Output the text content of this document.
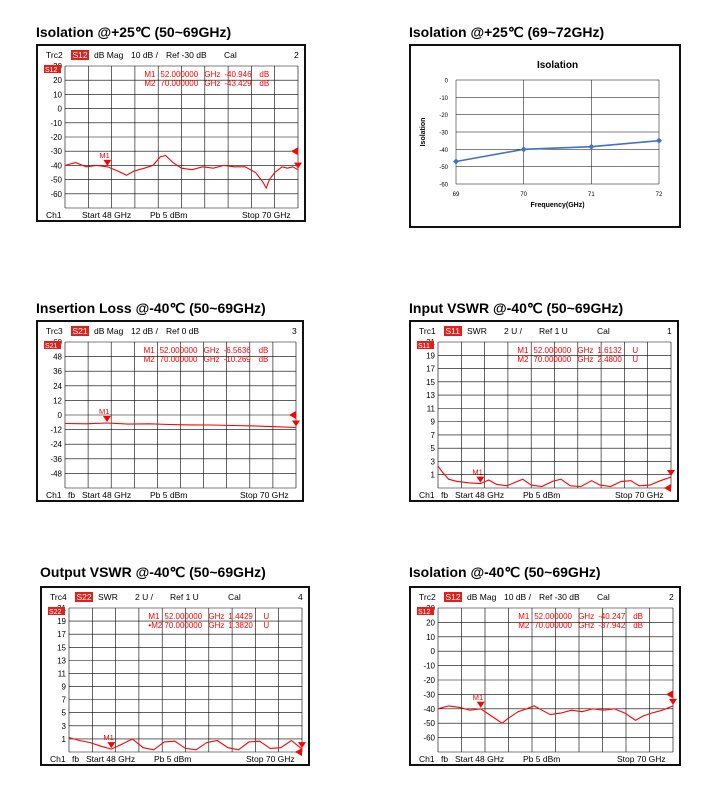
Isolation @+25℃ (50~69GHz)
Trc2 S12 dB Mag 10 dB / Ref -30 dB Cal	2
20
10
0
-10
-20
-30
-40
-50
-60
S12	M1 52.000000 GHz -40.946 dB
M2 70.000000 GHz -43.429 dB
M1
Ch1 Start 48 GHz Pb 5 dBm	Stop 70 GHz
Isolation @+25℃ (69~72GHz)
Isolation
0
-10
-20
-30
-40
-50
-60
69	70	71	72
Frequency(GHz)
Isolation
Insertion Loss @-40℃ (50~69GHz)
Trc3 S21 dB Mag 12 dB / Ref 0 dB	3
48
36
24
12
0
-12
-24
-36
-48
S21	M1 52.000000 GHz -6.5636 dB
M2 70.000000 GHz -10.269 dB
M1
Ch1 fb Start 48 GHz Pb 5 dBm	Stop 70 GHz
Input VSWR @-40℃ (50~69GHz)
Trc1 S11 SWR 2 U / Ref 1 U	Cal	1
19
17
15
13
11
9
7
5
3
1
S11	M1 52.000000 GHz 1.6132 U
M2 70.000000 GHz 2.4800 U
M1
Ch1 fb Start 48 GHz Pb 5 dBm	Stop 70 GHz
Output VSWR @-40℃ (50~69GHz)
Trc4 S22 SWR 2 U / Ref 1 U	Cal	4
19
17
15
13
11
9
7
5
3
1
S22	M1 52.000000 GHz 1.4429 U
•M2 70.000000 GHz 1.3820 U
M1
Ch1 fb Start 48 GHz Pb 5 dBm	Stop 70 GHz
Isolation @-40℃ (50~69GHz)
Trc2 S12 dB Mag 10 dB / Ref -30 dB Cal	2
20
10
0
-10
-20
-30
-40
-50
-60
S12	M1 52.000000 GHz -40.247 dB
M2 70.000000 GHz -37.942 dB
M1
Ch1 fb Start 48 GHz Pb 5 dBm	Stop 70 GHz
